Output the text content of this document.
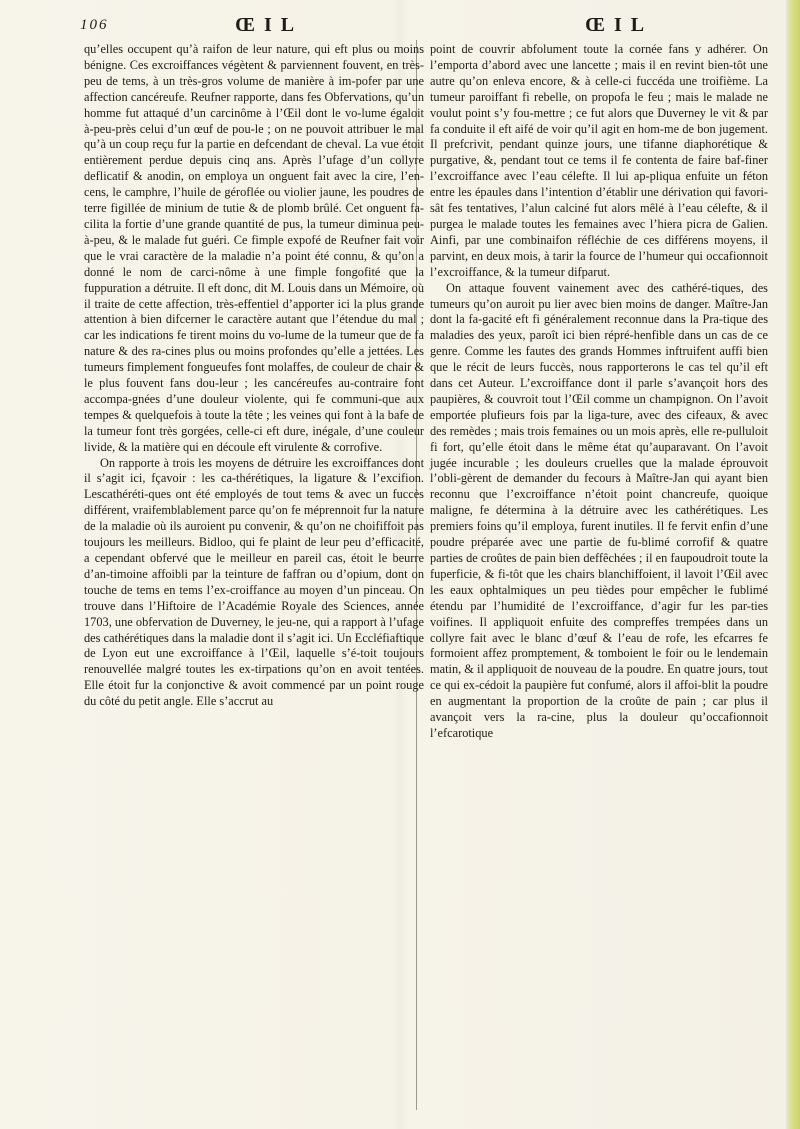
106	Œ I L	Œ I L

qu’elles occupent qu’à raifon de leur nature, qui eft plus ou moins bénigne. Ces excroiffances végètent & parviennent fouvent, en très-peu de tems, à un très-gros volume de manière à im-pofer par une affection cancéreufe. Reufner rapporte, dans fes Obfervations, qu’un homme fut attaqué d’un carcinôme à l’Œil dont le vo-lume égaloit à-peu-près celui d’un œuf de pou-le ; on ne pouvoit attribuer le mal qu’à un coup reçu fur la partie en defcendant de cheval. La vue étoit entièrement perdue depuis cinq ans. Après l’ufage d’un collyre deflicatif & anodin, on employa un onguent fait avec la cire, l’en-cens, le camphre, l’huile de géroflée ou violier jaune, les poudres de terre figillée de minium de tutie & de plomb brûlé. Cet onguent fa-cilita la fortie d’une grande quantité de pus, la tumeur diminua peu-à-peu, & le malade fut guéri. Ce fimple expofé de Reufner fait voir que le vrai caractère de la maladie n’a point été connu, & qu’on a donné le nom de carci-nôme à une fimple fongofité que la fuppuration a détruite. Il eft donc, dit M. Louis dans un Mémoire, où il traite de cette affection, très-effentiel d’apporter ici la plus grande attention à bien difcerner le caractère autant que l’étendue du mal ; car les indications fe tirent moins du vo-lume de la tumeur que de fa nature & des ra-cines plus ou moins profondes qu’elle a jettées. Les tumeurs fimplement fongueufes font molaffes, de couleur de chair & le plus fouvent fans dou-leur ; les cancéreufes au-contraire font accompa-gnées d’une douleur violente, qui fe communi-que aux tempes & quelquefois à toute la tête ; les veines qui font à la bafe de la tumeur font très gorgées, celle-ci eft dure, inégale, d’une couleur livide, & la matière qui en découle eft virulente & corrofive.

On rapporte à trois les moyens de détruire les excroiffances dont il s’agit ici, fçavoir : les ca-thérétiques, la ligature & l’excifion. Lescathéréti-ques ont été employés de tout tems & avec un fuccès différent, vraifemblablement parce qu’on fe méprennoit fur la nature de la maladie où ils auroient pu convenir, & qu’on ne choififfoit pas toujours les meilleurs. Bidloo, qui fe plaint de leur peu d’efficacité, a cependant obfervé que le meilleur en pareil cas, étoit le beurre d’an-timoine affoibli par la teinture de faffran ou d’opium, dont on touche de tems en tems l’ex-croiffance au moyen d’un pinceau. On trouve dans l’Hiftoire de l’Académie Royale des Sciences, année 1703, une obfervation de Duverney, le jeu-ne, qui a rapport à l’ufage des cathérétiques dans la maladie dont il s’agit ici. Un Eccléfiaftique de Lyon eut une excroiffance à l’Œil, laquelle s’é-toit toujours renouvellée malgré toutes les ex-tirpations qu’on en avoit tentées. Elle étoit fur la conjonctive & avoit commencé par un point rouge du côté du petit angle. Elle s’accrut au

point de couvrir abfolument toute la cornée fans y adhérer. On l’emporta d’abord avec une lancette ; mais il en revint bien-tôt une autre qu’on enleva encore, & à celle-ci fuccéda une troifième. La tumeur paroiffant fi rebelle, on propofa le feu ; mais le malade ne voulut point s’y fou-mettre ; ce fut alors que Duverney le vit & par fa conduite il eft aifé de voir qu’il agit en hom-me de bon jugement. Il prefcrivit, pendant quinze jours, une tifanne diaphorétique & purgative, &, pendant tout ce tems il fe contenta de faire baf-finer l’excroiffance avec l’eau célefte. Il lui ap-pliqua enfuite un féton entre les épaules dans l’intention d’établir une dérivation qui favori-sât fes tentatives, l’alun calciné fut alors mêlé à l’eau célefte, & il purgea le malade toutes les femaines avec l’hiera picra de Galien. Ainfi, par une combinaifon réfléchie de ces différens moyens, il parvint, en deux mois, à tarir la fource de l’humeur qui occafionnoit l’excroiffance, & la tumeur difparut.

On attaque fouvent vainement avec des cathéré-tiques, des tumeurs qu’on auroit pu lier avec bien moins de danger. Maître-Jan dont la fa-gacité eft fi généralement reconnue dans la Pra-tique des maladies des yeux, paroît ici bien répré-henfible dans un cas de ce genre. Comme les fautes des grands Hommes inftruifent auffi bien que le récit de leurs fuccès, nous rapporterons le cas tel qu’il eft dans cet Auteur. L’excroiffance dont il parle s’avançoit hors des paupières, & couvroit tout l’Œil comme un champignon. On l’avoit emportée plufieurs fois par la liga-ture, avec des cifeaux, & avec des remèdes ; mais trois femaines ou un mois après, elle re-pulluloit fi fort, qu’elle étoit dans le même état qu’auparavant. On l’avoit jugée incurable ; les douleurs cruelles que la malade éprouvoit l’obli-gèrent de demander du fecours à Maître-Jan qui ayant bien reconnu que l’excroiffance n’étoit point chancreufe, quoique maligne, fe détermina à la détruire avec les cathérétiques. Les premiers foins qu’il employa, furent inutiles. Il fe fervit enfin d’une poudre préparée avec une partie de fu-blimé corrofif & quatre parties de croûtes de pain bien deffêchées ; il en faupoudroit toute la fuperficie, & fi-tôt que les chairs blanchiffoient, il lavoit l’Œil avec les eaux ophtalmiques un peu tièdes pour empêcher le fublimé étendu par l’humidité de l’excroiffance, d’agir fur les par-ties voifines. Il appliquoit enfuite des compreffes trempées dans un collyre fait avec le blanc d’œuf & l’eau de rofe, les efcarres fe formoient affez promptement, & tomboient le foir ou le lendemain matin, & il appliquoit de nouveau de la poudre. En quatre jours, tout ce qui ex-cédoit la paupière fut confumé, alors il affoi-blit la poudre en augmentant la proportion de la croûte de pain ; car plus il avançoit vers la ra-cine, plus la douleur qu’occafionnoit l’efcarotique
